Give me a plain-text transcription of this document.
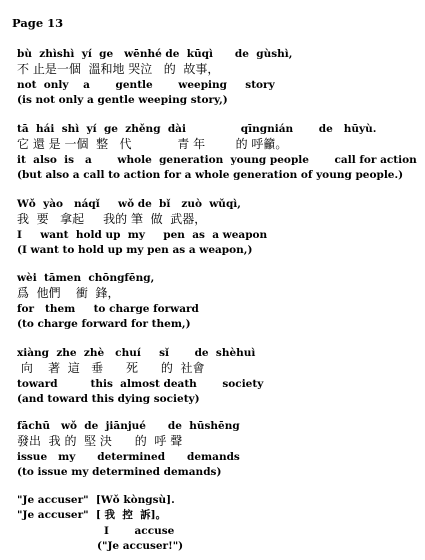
Page 13
bù  zhìshì  yí  ge   wēnhé de  kūqì      de  gùshì,
不 止是一個  溫和地 哭泣   的  故事，
not  only    a       gentle       weeping     story
(is not only a gentle weeping story,)
tā  hái  shì  yí  ge  zhěng  dài               qīngnián       de   hūyù.
它 還 是 一個  整   代            青 年        的 呼籲。
it  also  is   a       whole  generation  young people       call for action
(but also a call to action for a whole generation of young people.)
Wǒ  yào   náqǐ     wǒ de  bǐ   zuò  wǔqì,
我  要   拿起     我的 筆  做  武器，
I     want  hold up  my     pen  as  a weapon
(I want to hold up my pen as a weapon,)
wèi  tāmen  chōngfēng,
爲  他們    衝  鋒，
for   them     to charge forward
(to charge forward for them,)
xiàng  zhe  zhè   chuí     sǐ       de  shèhuì
向    著  這   垂      死      的  社會
toward         this  almost death       society
(and toward this dying society)
fāchū   wǒ  de  jiānjué      de  hūshēng
發出  我 的  堅 決      的  呼 聲
issue   my      determined      demands
(to issue my determined demands)
"Je accuser"  [Wǒ kòngsù].
"Je accuser"  [ 我  控  訴]。
I       accuse
("Je accuser!")
